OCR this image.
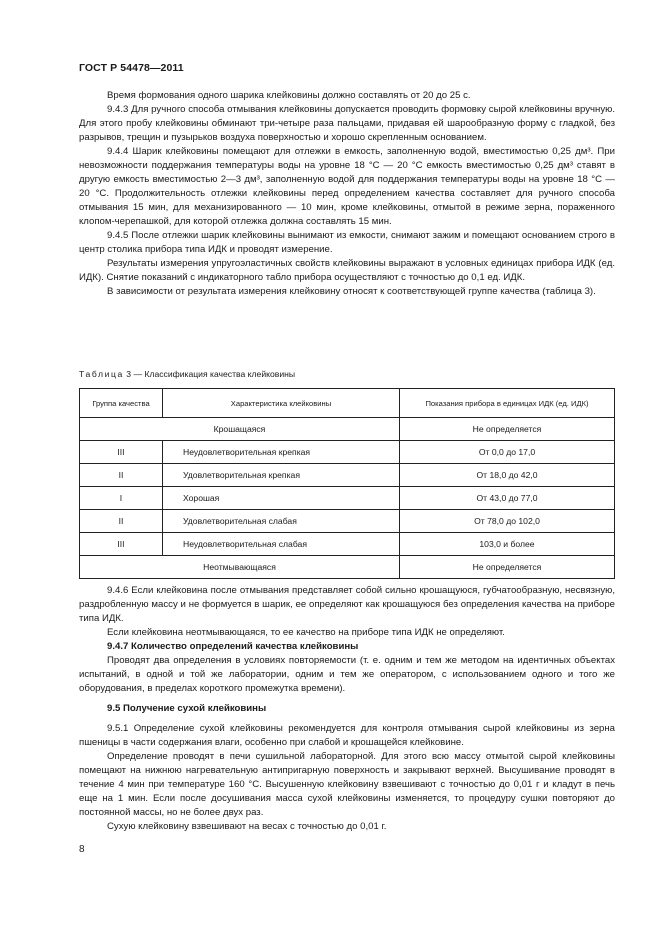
ГОСТ Р 54478—2011

Время формования одного шарика клейковины должно составлять от 20 до 25 с.

9.4.3 Для ручного способа отмывания клейковины допускается проводить формовку сырой клейковины вручную. Для этого пробу клейковины обминают три-четыре раза пальцами, придавая ей шарообразную форму с гладкой, без разрывов, трещин и пузырьков воздуха поверхностью и хорошо скрепленным основанием.

9.4.4 Шарик клейковины помещают для отлежки в емкость, заполненную водой, вместимостью 0,25 дм³. При невозможности поддержания температуры воды на уровне 18 °С — 20 °С емкость вместимостью 0,25 дм³ ставят в другую емкость вместимостью 2—3 дм³, заполненную водой для поддержания температуры воды на уровне 18 °С — 20 °С. Продолжительность отлежки клейковины перед определением качества составляет для ручного способа отмывания 15 мин, для механизированного — 10 мин, кроме клейковины, отмытой в режиме зерна, пораженного клопом-черепашкой, для которой отлежка должна составлять 15 мин.

9.4.5 После отлежки шарик клейковины вынимают из емкости, снимают зажим и помещают основанием строго в центр столика прибора типа ИДК и проводят измерение.

Результаты измерения упругоэластичных свойств клейковины выражают в условных единицах прибора ИДК (ед. ИДК). Снятие показаний с индикаторного табло прибора осуществляют с точностью до 0,1 ед. ИДК.

В зависимости от результата измерения клейковину относят к соответствующей группе качества (таблица 3).

Таблица 3 — Классификация качества клейковины
Группа качества	Характеристика клейковины	Показания прибора в единицах ИДК (ед. ИДК)
Крошащаяся		Не определяется
III	Неудовлетворительная крепкая	От 0,0 до 17,0
II	Удовлетворительная крепкая	От 18,0 до 42,0
I	Хорошая	От 43,0 до 77,0
II	Удовлетворительная слабая	От 78,0 до 102,0
III	Неудовлетворительная слабая	103,0 и более
Неотмывающаяся		Не определяется

9.4.6 Если клейковина после отмывания представляет собой сильно крошащуюся, губчатообразную, несвязную, раздробленную массу и не формуется в шарик, ее определяют как крошащуюся без определения качества на приборе типа ИДК.

Если клейковина неотмывающаяся, то ее качество на приборе типа ИДК не определяют.

9.4.7 Количество определений качества клейковины

Проводят два определения в условиях повторяемости (т. е. одним и тем же методом на идентичных объектах испытаний, в одной и той же лаборатории, одним и тем же оператором, с использованием одного и того же оборудования, в пределах короткого промежутка времени).

9.5 Получение сухой клейковины

9.5.1 Определение сухой клейковины рекомендуется для контроля отмывания сырой клейковины из зерна пшеницы в части содержания влаги, особенно при слабой и крошащейся клейковине.

Определение проводят в печи сушильной лабораторной. Для этого всю массу отмытой сырой клейковины помещают на нижнюю нагревательную антипригарную поверхность и закрывают верхней. Высушивание проводят в течение 4 мин при температуре 160 °С. Высушенную клейковину взвешивают с точностью до 0,01 г и кладут в печь еще на 1 мин. Если после досушивания масса сухой клейковины изменяется, то процедуру сушки повторяют до постоянной массы, но не более двух раз.

Сухую клейковину взвешивают на весах с точностью до 0,01 г.

8
